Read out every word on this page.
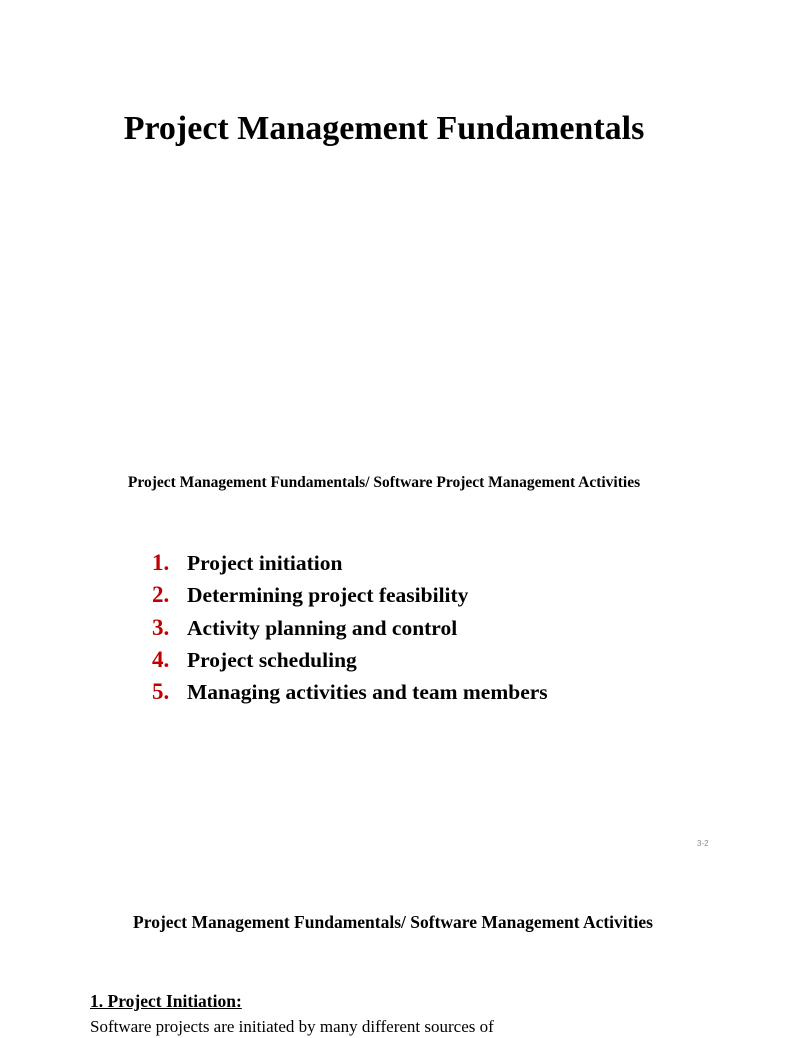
Project Management Fundamentals
Project Management Fundamentals/ Software Project Management Activities
1. Project initiation
2. Determining project feasibility
3. Activity planning and control
4. Project scheduling
5. Managing activities and team members
3-2
Project Management Fundamentals/ Software Management Activities
1. Project Initiation:
Software projects are initiated by many different sources of
